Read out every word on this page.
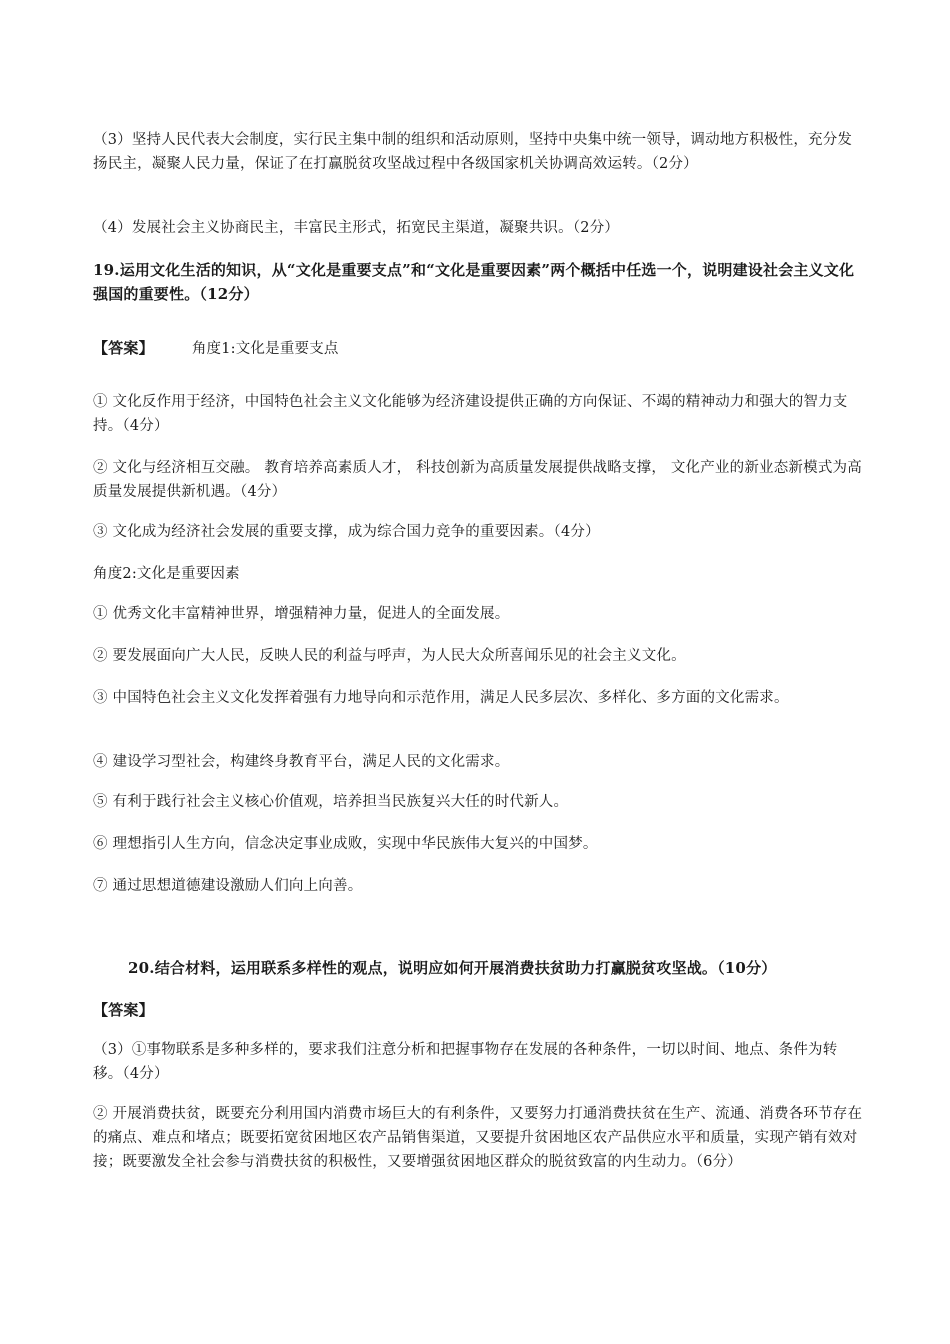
（3）坚持人民代表大会制度，实行民主集中制的组织和活动原则，坚持中央集中统一领导，调动地方积极性，充分发扬民主，凝聚人民力量，保证了在打赢脱贫攻坚战过程中各级国家机关协调高效运转。（2分）

（4）发展社会主义协商民主，丰富民主形式，拓宽民主渠道，凝聚共识。（2分）

19.运用文化生活的知识，从“文化是重要支点”和“文化是重要因素”两个概括中任选一个，说明建设社会主义文化强国的重要性。（12分）

【答案】	角度1:文化是重要支点

① 文化反作用于经济，中国特色社会主义文化能够为经济建设提供正确的方向保证、不竭的精神动力和强大的智力支持。（4分）

② 文化与经济相互交融。 教育培养高素质人才， 科技创新为高质量发展提供战略支撑， 文化产业的新业态新模式为高质量发展提供新机遇。（4分）

③ 文化成为经济社会发展的重要支撑，成为综合国力竞争的重要因素。（4分）

角度2:文化是重要因素

① 优秀文化丰富精神世界，增强精神力量，促进人的全面发展。

② 要发展面向广大人民，反映人民的利益与呼声，为人民大众所喜闻乐见的社会主义文化。

③ 中国特色社会主义文化发挥着强有力地导向和示范作用，满足人民多层次、多样化、多方面的文化需求。

④ 建设学习型社会，构建终身教育平台，满足人民的文化需求。

⑤ 有利于践行社会主义核心价值观，培养担当民族复兴大任的时代新人。

⑥ 理想指引人生方向，信念决定事业成败，实现中华民族伟大复兴的中国梦。

⑦ 通过思想道德建设激励人们向上向善。

20.结合材料，运用联系多样性的观点，说明应如何开展消费扶贫助力打赢脱贫攻坚战。（10分）

【答案】

（3）①事物联系是多种多样的，要求我们注意分析和把握事物存在发展的各种条件，一切以时间、地点、条件为转移。（4分）

② 开展消费扶贫，既要充分利用国内消费市场巨大的有利条件，又要努力打通消费扶贫在生产、流通、消费各环节存在的痛点、难点和堵点；既要拓宽贫困地区农产品销售渠道，又要提升贫困地区农产品供应水平和质量，实现产销有效对接；既要激发全社会参与消费扶贫的积极性，又要增强贫困地区群众的脱贫致富的内生动力。（6分）
